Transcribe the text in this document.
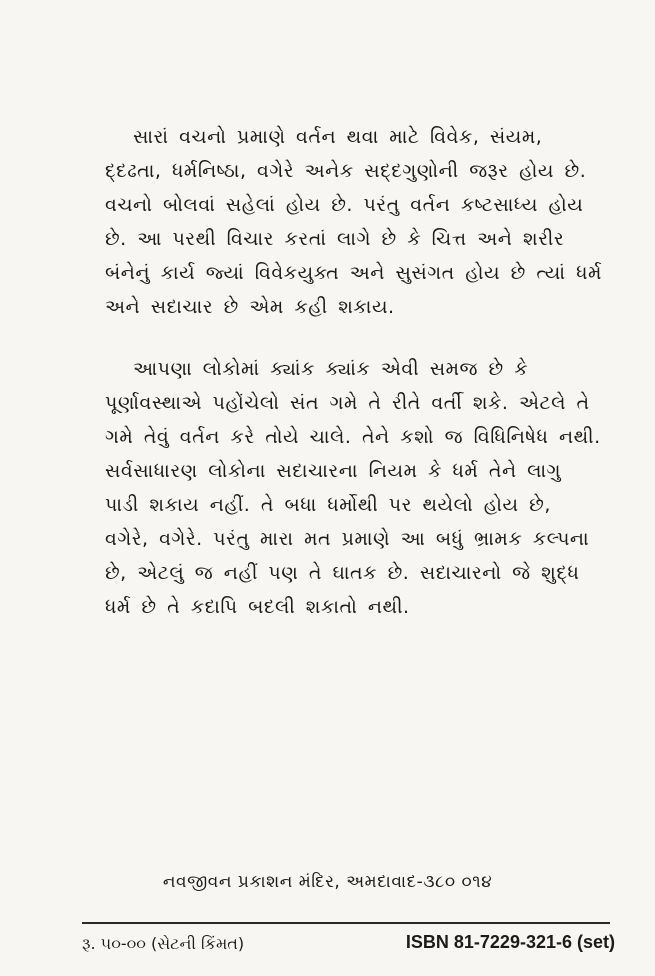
સારાં વચનો પ્રમાણે વર્તન થવા માટે વિવેક, સંયમ,
દ્દઢતા, ધર્મનિષ્ઠા, વગેરે અનેક સદ્દગુણોની જરૂર હોય છે.
વચનો બોલવાં સહેલાં હોય છે. પરંતુ વર્તન કષ્ટસાધ્ય હોય
છે. આ પરથી વિચાર કરતાં લાગે છે કે ચિત્ત અને શરીર
બંનેનું કાર્ય જ્યાં વિવેકયુક્ત અને સુસંગત હોય છે ત્યાં ધર્મ
અને સદાચાર છે એમ કહી શકાય.
આપણા લોકોમાં ક્યાંક ક્યાંક એવી સમજ છે કે
પૂર્ણાવસ્થાએ પહોંચેલો સંત ગમે તે રીતે વર્તી શકે. એટલે તે
ગમે તેવું વર્તન કરે તોયે ચાલે. તેને કશો જ વિધિનિષેધ નથી.
સર્વસાધારણ લોકોના સદાચારના નિયમ કે ધર્મ તેને લાગુ
પાડી શકાય નહીં. તે બધા ધર્મોથી પર થયેલો હોય છે,
વગેરે, વગેરે. પરંતુ મારા મત પ્રમાણે આ બધું ભ્રામક કલ્પના
છે, એટલું જ નહીં પણ તે ઘાતક છે. સદાચારનો જે શુદ્ધ
ધર્મ છે તે કદાપિ બદલી શકાતો નથી.
નવજીવન પ્રકાશન મંદિર, અમદાવાદ-૩૮૦ ૦૧૪
રૂ. ૫૦-૦૦ (સેટની કિંમત)	ISBN 81-7229-321-6 (set)
